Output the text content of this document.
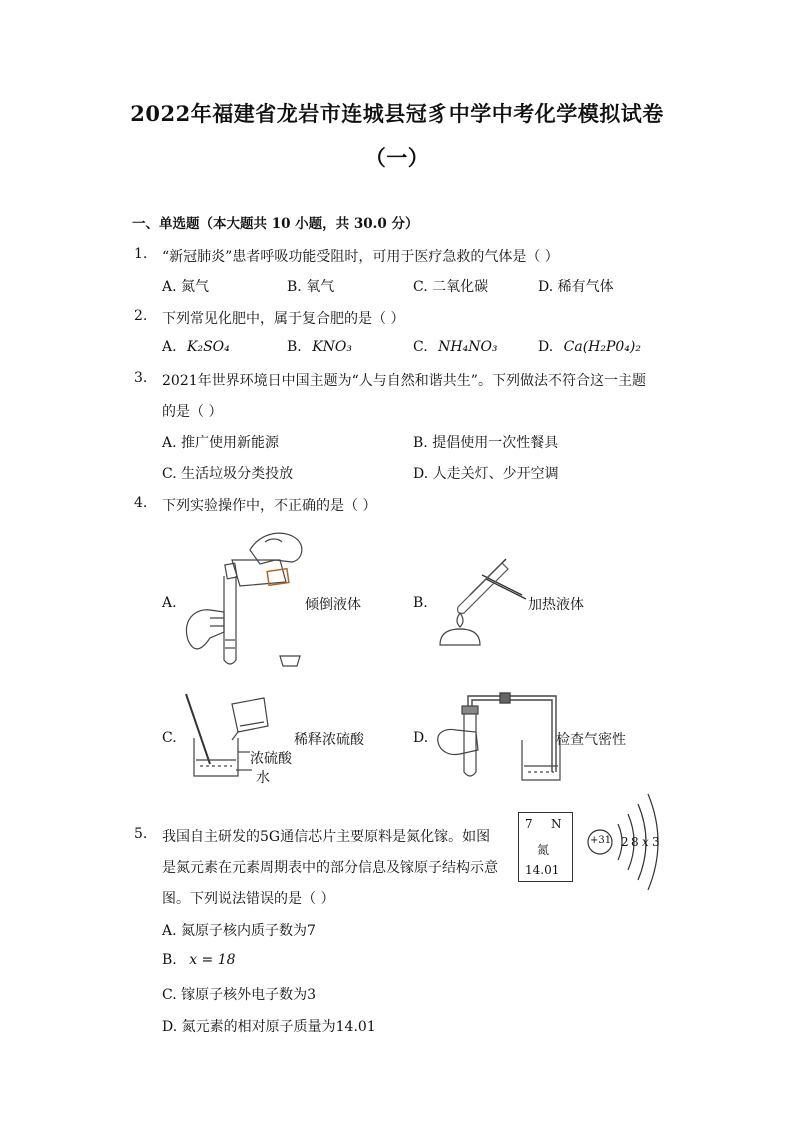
2022年福建省龙岩市连城县冠豸中学中考化学模拟试卷
（一）
一、单选题（本大题共 10 小题，共 30.0 分）
1. “新冠肺炎”患者呼吸功能受阻时，可用于医疗急救的气体是（ ）
A. 氮气	B. 氧气	C. 二氧化碳	D. 稀有气体
2. 下列常见化肥中，属于复合肥的是（ ）
A. K₂SO₄	B. KNO₃	C. NH₄NO₃	D. Ca(H₂P0₄)₂
3. 2021年世界环境日中国主题为“人与自然和谐共生”。下列做法不符合这一主题
的是（ ）
A. 推广使用新能源	B. 提倡使用一次性餐具
C. 生活垃圾分类投放	D. 人走关灯、少开空调
4. 下列实验操作中，不正确的是（ ）
A.	B.
C.	D.
倾倒液体	加热液体
稀释浓硫酸	检查气密性
浓硫酸
水
5. 我国自主研发的5G通信芯片主要原料是氮化镓。如图
是氮元素在元素周期表中的部分信息及镓原子结构示意
图。下列说法错误的是（ ）
A. 氮原子核内质子数为7
B. x = 18
C. 镓原子核外电子数为3
D. 氮元素的相对原子质量为14.01
7 N
氮
14.01
+31 2 8 x 3
